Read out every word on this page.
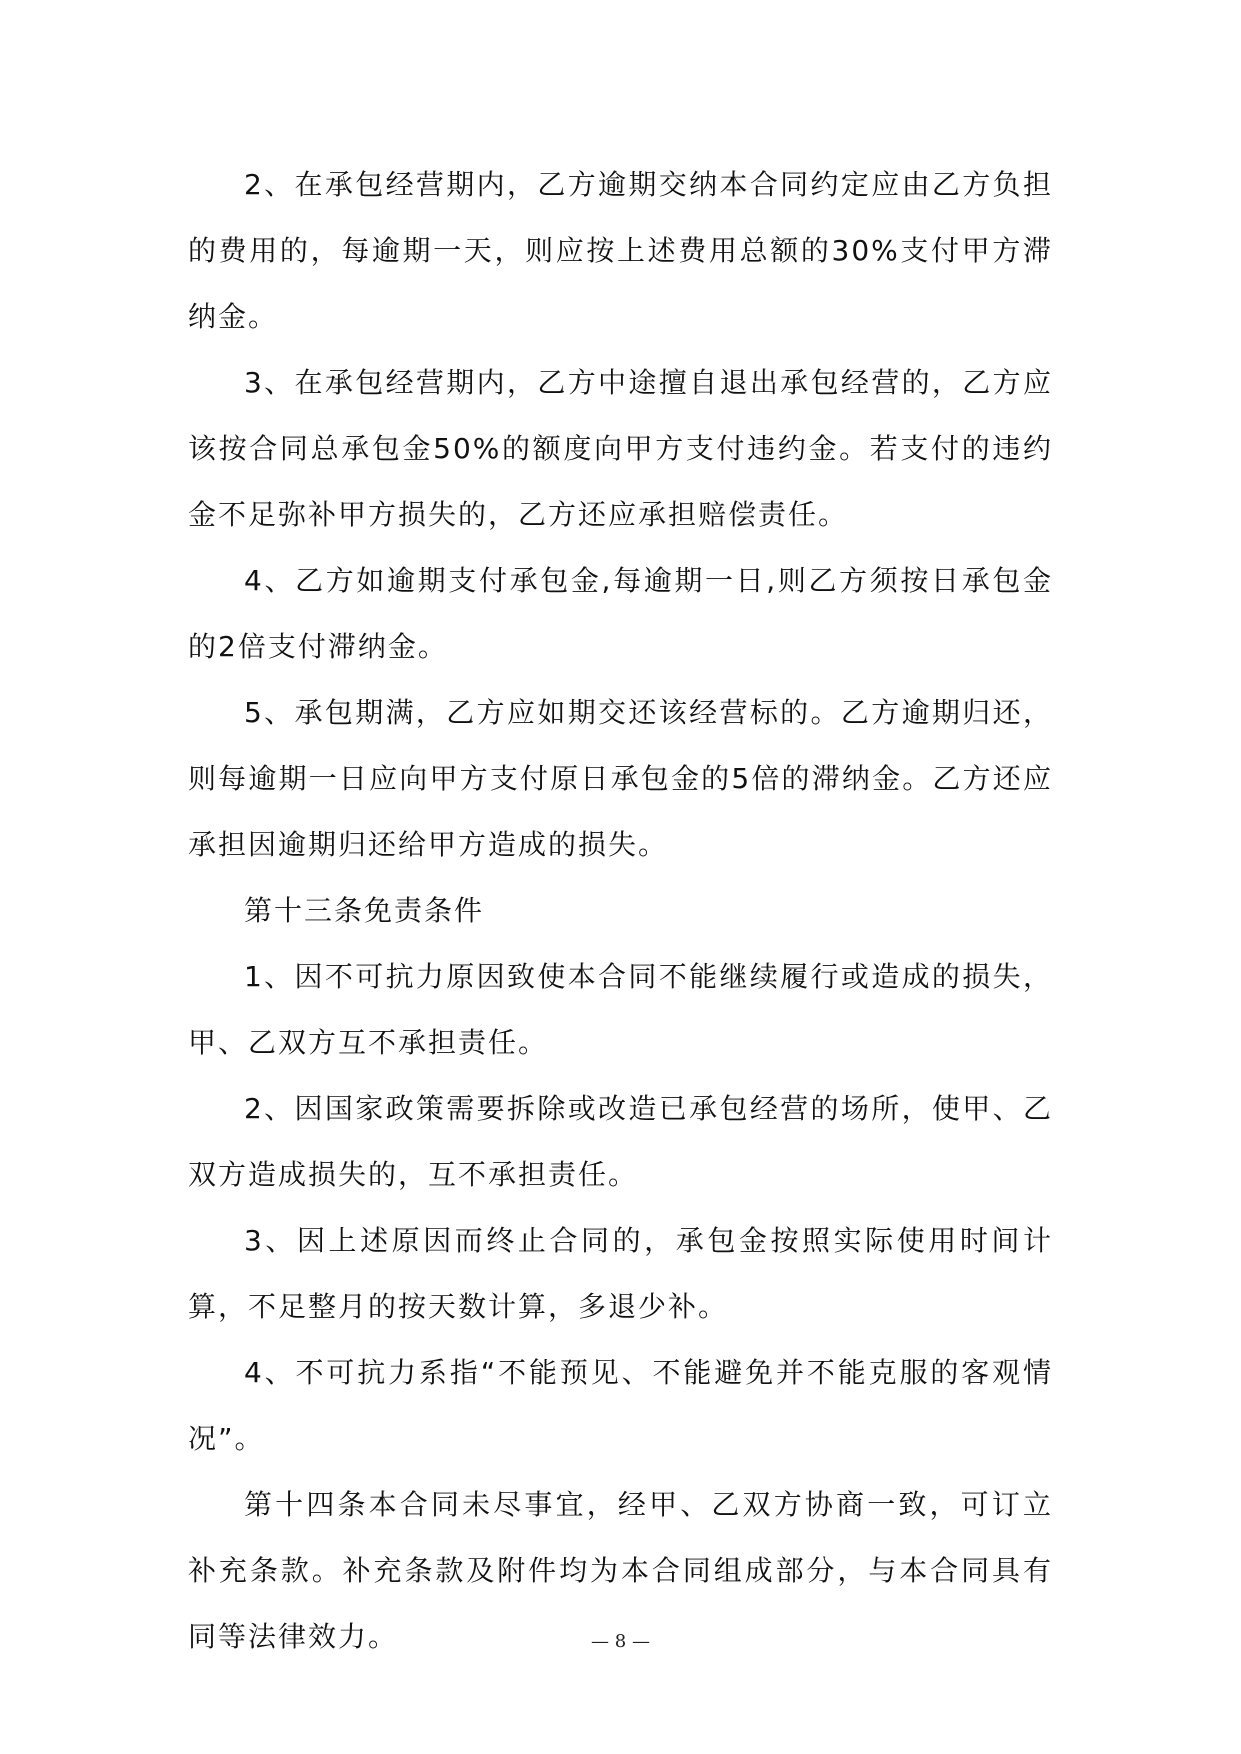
2、在承包经营期内，乙方逾期交纳本合同约定应由乙方负担的费用的，每逾期一天，则应按上述费用总额的30%支付甲方滞纳金。

3、在承包经营期内，乙方中途擅自退出承包经营的，乙方应该按合同总承包金50%的额度向甲方支付违约金。若支付的违约金不足弥补甲方损失的，乙方还应承担赔偿责任。

4、乙方如逾期支付承包金,每逾期一日,则乙方须按日承包金的2倍支付滞纳金。

5、承包期满，乙方应如期交还该经营标的。乙方逾期归还，则每逾期一日应向甲方支付原日承包金的5倍的滞纳金。乙方还应承担因逾期归还给甲方造成的损失。

第十三条免责条件

1、因不可抗力原因致使本合同不能继续履行或造成的损失，甲、乙双方互不承担责任。

2、因国家政策需要拆除或改造已承包经营的场所，使甲、乙双方造成损失的，互不承担责任。

3、因上述原因而终止合同的，承包金按照实际使用时间计算，不足整月的按天数计算，多退少补。

4、不可抗力系指“不能预见、不能避免并不能克服的客观情况”。

第十四条本合同未尽事宜，经甲、乙双方协商一致，可订立补充条款。补充条款及附件均为本合同组成部分，与本合同具有同等法律效力。	— 8 —
